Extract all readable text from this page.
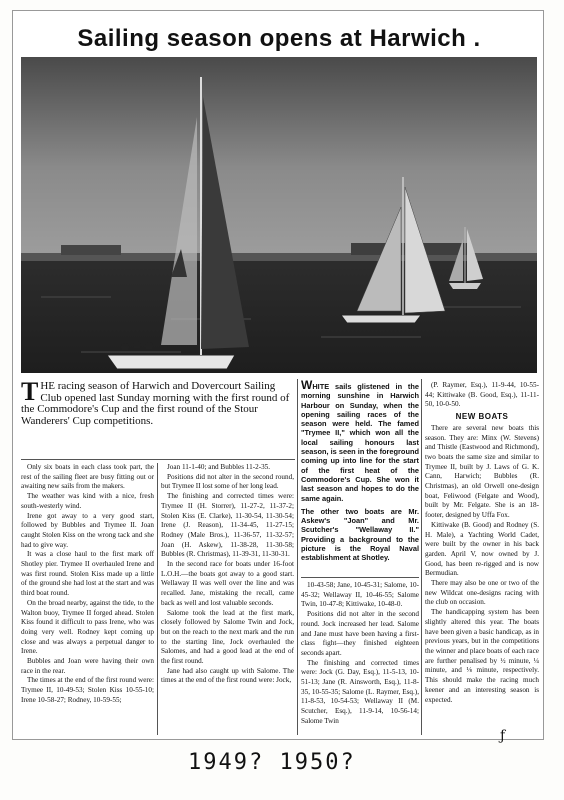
Sailing season opens at Harwich .
T HE racing season of Harwich and Dovercourt Sailing Club opened last Sunday morning with the first round of the Commodore's Cup and the first round of the Stour Wanderers' Cup competitions.
WHITE sails glistened in the morning sunshine in Harwich Harbour on Sunday, when the opening sailing races of the season were held. The famed "Trymee II," which won all the local sailing honours last season, is seen in the foreground coming up into line for the start of the first heat of the Commodore's Cup. She won it last season and hopes to do the same again.
The other two boats are Mr. Askew's "Joan" and Mr. Scutcher's "Wellaway II." Providing a background to the picture is the Royal Naval establishment at Shotley.

Only six boats in each class took part, the rest of the sailing fleet are busy fitting out or awaiting new sails from the makers.

The weather was kind with a nice, fresh south-westerly wind.

Irene got away to a very good start, followed by Bubbles and Trymee II. Joan caught Stolen Kiss on the wrong tack and she had to give way.

It was a close haul to the first mark off Shotley pier. Trymee II overhauled Irene and was first round. Stolen Kiss made up a little of the ground she had lost at the start and was third boat round.

On the broad nearby, against the tide, to the Walton buoy, Trymee II forged ahead. Stolen Kiss found it difficult to pass Irene, who was doing very well. Rodney kept coming up close and was always a perpetual danger to Irene.

Bubbles and Joan were having their own race in the rear.

The times at the end of the first round were: Trymee II, 10-49-53; Stolen Kiss 10-55-10; Irene 10-58-27; Rodney, 10-59-55;

Joan 11-1-40; and Bubbles 11-2-35.

Positions did not alter in the second round, but Trymee II lost some of her long lead.

The finishing and corrected times were: Trymee II (H. Storrer), 11-27-2, 11-37-2; Stolen Kiss (E. Clarke), 11-30-54, 11-30-54; Irene (J. Reason), 11-34-45, 11-27-15; Rodney (Male Bros.), 11-36-57, 11-32-57; Joan (H. Askew), 11-38-28, 11-30-58; Bubbles (R. Christmas), 11-39-31, 11-30-31.

In the second race for boats under 16-foot L.O.H.—the boats got away to a good start. Wellaway II was well over the line and was recalled. Jane, mistaking the recall, came back as well and lost valuable seconds.

Salome took the lead at the first mark, closely followed by Salome Twin and Jock, but on the reach to the next mark and the run to the starting line, Jock overhauled the Salomes, and had a good lead at the end of the first round.

Jane had also caught up with Salome. The times at the end of the first round were: Jock,

10-43-58; Jane, 10-45-31; Salome, 10-45-32; Wellaway II, 10-46-55; Salome Twin, 10-47-8; Kittiwake, 10-48-0.

Positions did not alter in the second round. Jock increased her lead. Salome and Jane must have been having a first-class fight—they finished eighteen seconds apart.

The finishing and corrected times were: Jock (G. Day, Esq.), 11-5-13, 10-51-13; Jane (R. Ainsworth, Esq.), 11-8-35, 10-55-35; Salome (L. Raymer, Esq.), 11-8-53, 10-54-53; Wellaway II (M. Scutcher, Esq.), 11-9-14, 10-56-14; Salome Twin

(P. Raymer, Esq.), 11-9-44, 10-55-44; Kittiwake (B. Good, Esq.), 11-11-50, 10-0-50.

NEW BOATS

There are several new boats this season. They are: Minx (W. Stevens) and Thistle (Eastwood and Richmond), two boats the same size and similar to Trymee II, built by J. Laws of G. K. Cann, Harwich; Bubbles (R. Christmas), an old Orwell one-design boat, Feliwood (Felgate and Wood), built by Mr. Felgate. She is an 18-footer, designed by Uffa Fox.

Kittiwake (B. Good) and Rodney (S. H. Male), a Yachting World Cadet, were built by the owner in his back garden. April V, now owned by J. Good, has been re-rigged and is now Bermudian.

There may also be one or two of the new Wildcat one-designs racing with the club on occasion.

The handicapping system has been slightly altered this year. The boats have been given a basic handicap, as in previous years, but in the competitions the winner and place boats of each race are further penalised by ½ minute, ¼ minute, and ⅛ minute, respectively. This should make the racing much keener and an interesting season is expected.

ƒ
1949? 1950?
